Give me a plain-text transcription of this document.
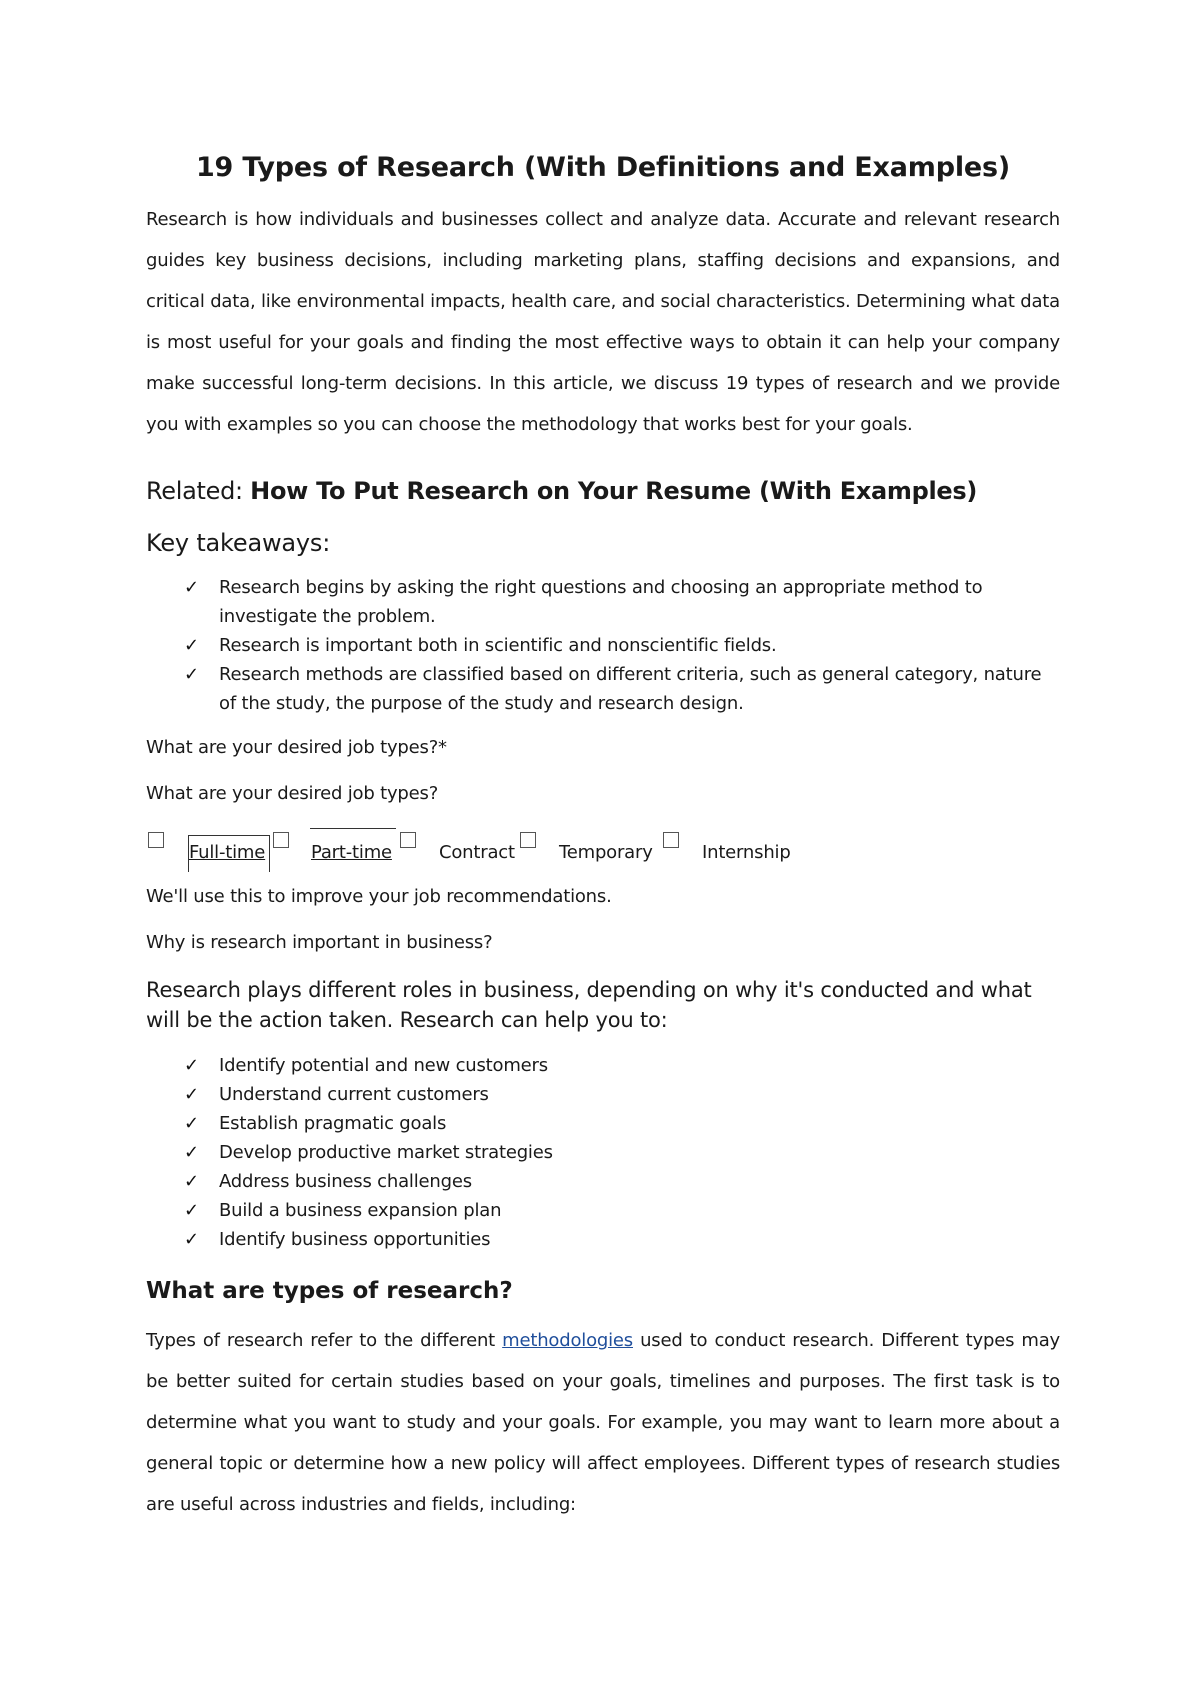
19 Types of Research (With Definitions and Examples)

Research is how individuals and businesses collect and analyze data. Accurate and relevant research guides key business decisions, including marketing plans, staffing decisions and expansions, and critical data, like environmental impacts, health care, and social characteristics. Determining what data is most useful for your goals and finding the most effective ways to obtain it can help your company make successful long-term decisions. In this article, we discuss 19 types of research and we provide you with examples so you can choose the methodology that works best for your goals.

Related: How To Put Research on Your Resume (With Examples)

Key takeaways:

✓ Research begins by asking the right questions and choosing an appropriate method to investigate the problem.
✓ Research is important both in scientific and nonscientific fields.
✓ Research methods are classified based on different criteria, such as general category, nature of the study, the purpose of the study and research design.

What are your desired job types?*

What are your desired job types?

Full-time	Part-time	Contract Temporary	Internship

We'll use this to improve your job recommendations.

Why is research important in business?

Research plays different roles in business, depending on why it's conducted and what will be the action taken. Research can help you to:

✓ Identify potential and new customers
✓ Understand current customers
✓ Establish pragmatic goals
✓ Develop productive market strategies
✓ Address business challenges
✓ Build a business expansion plan
✓ Identify business opportunities
What are types of research?

Types of research refer to the different methodologies used to conduct research. Different types may be better suited for certain studies based on your goals, timelines and purposes. The first task is to determine what you want to study and your goals. For example, you may want to learn more about a general topic or determine how a new policy will affect employees. Different types of research studies are useful across industries and fields, including:
